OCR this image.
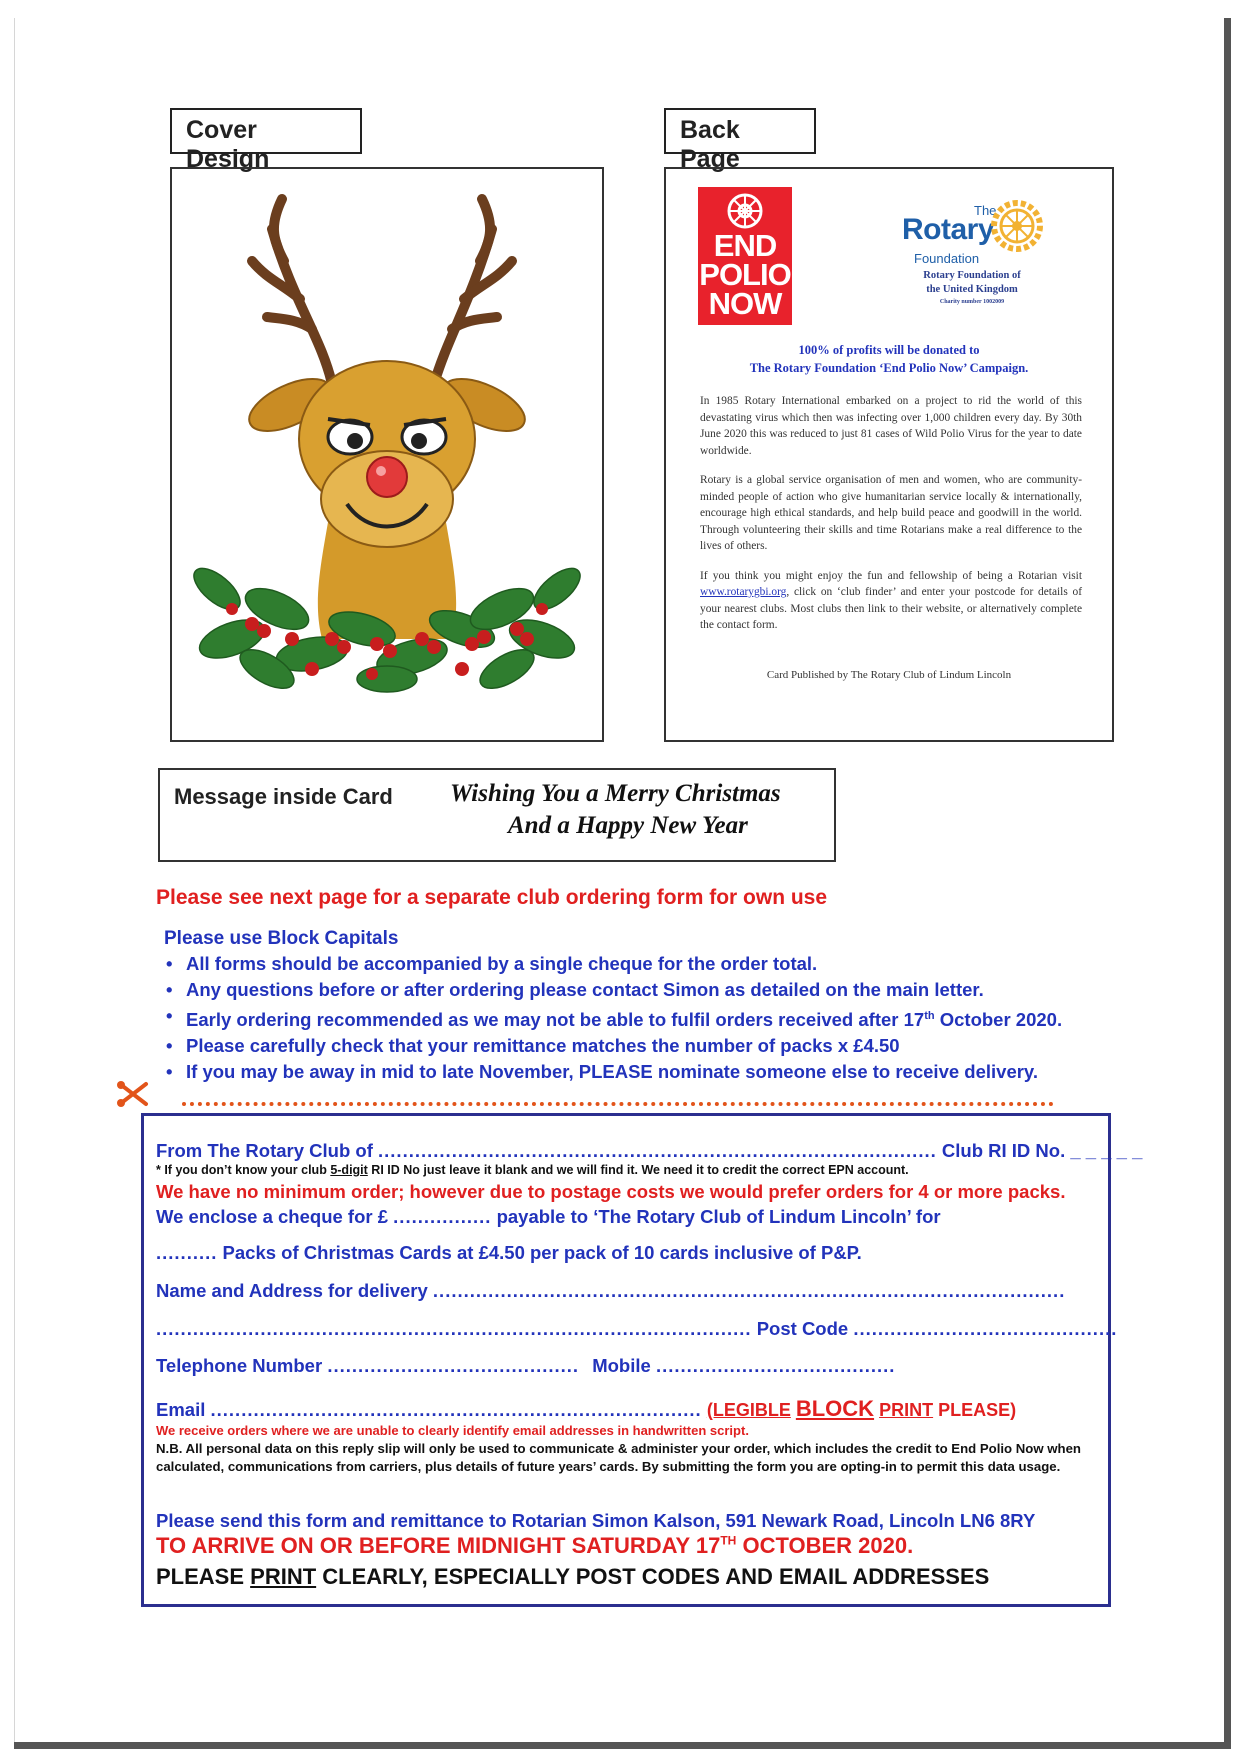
Cover Design
Back Page
END
POLIO
NOW
The
Rotary
Foundation
Rotary Foundation of
the United Kingdom
Charity number 1002009
100% of profits will be donated to
The Rotary Foundation ‘End Polio Now’ Campaign.

In 1985 Rotary International embarked on a project to rid the world of this devastating virus which then was infecting over 1,000 children every day. By 30th June 2020 this was reduced to just 81 cases of Wild Polio Virus for the year to date worldwide.

Rotary is a global service organisation of men and women, who are community-minded people of action who give humanitarian service locally & internationally, encourage high ethical standards, and help build peace and goodwill in the world. Through volunteering their skills and time Rotarians make a real difference to the lives of others.

If you think you might enjoy the fun and fellowship of being a Rotarian visit www.rotarygbi.org, click on ‘club finder’ and enter your postcode for details of your nearest clubs. Most clubs then link to their website, or alternatively complete the contact form.

Card Published by The Rotary Club of Lindum Lincoln
Message inside Card Wishing You a Merry Christmas
And a Happy New Year
Please see next page for a separate club ordering form for own use
Please use Block Capitals
• All forms should be accompanied by a single cheque for the order total.
• Any questions before or after ordering please contact Simon as detailed on the main letter.
• Early ordering recommended as we may not be able to fulfil orders received after 17th October 2020.
• Please carefully check that your remittance matches the number of packs x £4.50
• If you may be away in mid to late November, PLEASE nominate someone else to receive delivery.
From The Rotary Club of ........................................................................................... Club RI ID No. _ _ _ _ _
* If you don’t know your club 5-digit RI ID No just leave it blank and we will find it. We need it to credit the correct EPN account.
We have no minimum order; however due to postage costs we would prefer orders for 4 or more packs.
We enclose a cheque for £ ................ payable to ‘The Rotary Club of Lindum Lincoln’ for
.......... Packs of Christmas Cards at £4.50 per pack of 10 cards inclusive of P&P.
Name and Address for delivery .......................................................................................................
................................................................................................. Post Code ...........................................
Telephone Number ......................................... Mobile .......................................
Email ................................................................................ (LEGIBLE BLOCK PRINT PLEASE)
We receive orders where we are unable to clearly identify email addresses in handwritten script.
N.B. All personal data on this reply slip will only be used to communicate & administer your order, which includes the credit to End Polio Now when calculated, communications from carriers, plus details of future years’ cards. By submitting the form you are opting-in to permit this data usage.
Please send this form and remittance to Rotarian Simon Kalson, 591 Newark Road, Lincoln LN6 8RY
TO ARRIVE ON OR BEFORE MIDNIGHT SATURDAY 17TH OCTOBER 2020.
PLEASE PRINT CLEARLY, ESPECIALLY POST CODES AND EMAIL ADDRESSES
